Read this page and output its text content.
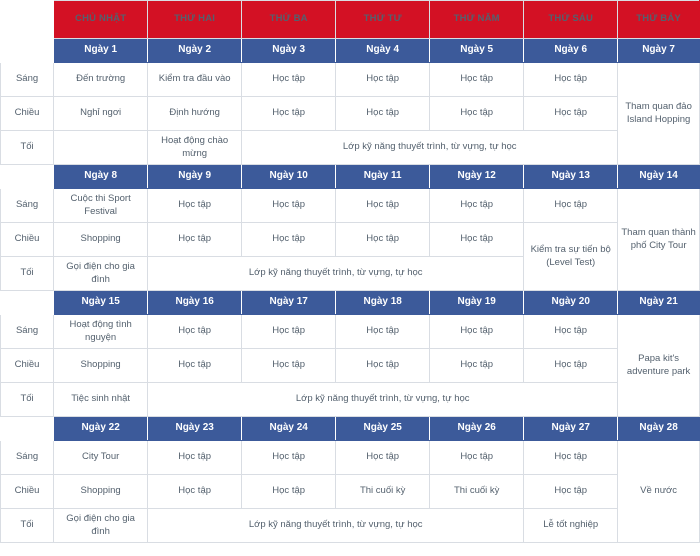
	CHỦ NHẬT	THỨ HAI	THỨ BA	THỨ TƯ	THỨ NĂM	THỨ SÁU	THỨ BẢY
	Ngày 1	Ngày 2	Ngày 3	Ngày 4	Ngày 5	Ngày 6	Ngày 7
Sáng	Đến trường	Kiểm tra đầu vào	Học tập	Học tập	Học tập	Học tập	Tham quan đảo Island Hopping
Chiều	Nghỉ ngơi	Định hướng	Học tập	Học tập	Học tập	Học tập	
Tối		Hoạt động chào mừng	Lớp kỹ năng thuyết trình, từ vựng, tự học				
	Ngày 8	Ngày 9	Ngày 10	Ngày 11	Ngày 12	Ngày 13	Ngày 14
Sáng	Cuộc thi Sport Festival	Học tập	Học tập	Học tập	Học tập	Học tập	Tham quan thành phố City Tour
Chiều	Shopping	Học tập	Học tập	Học tập	Học tập	Kiểm tra sự tiến bộ (Level Test)	
Tối	Gọi điện cho gia đình	Lớp kỹ năng thuyết trình, từ vựng, tự học					
	Ngày 15	Ngày 16	Ngày 17	Ngày 18	Ngày 19	Ngày 20	Ngày 21
Sáng	Hoạt động tình nguyện	Học tập	Học tập	Học tập	Học tập	Học tập	Papa kit's adventure park
Chiều	Shopping	Học tập	Học tập	Học tập	Học tập	Học tập	
Tối	Tiệc sinh nhật	Lớp kỹ năng thuyết trình, từ vựng, tự học					
	Ngày 22	Ngày 23	Ngày 24	Ngày 25	Ngày 26	Ngày 27	Ngày 28
Sáng	City Tour	Học tập	Học tập	Học tập	Học tập	Học tập	Về nước
Chiều	Shopping	Học tập	Học tập	Thi cuối kỳ	Thi cuối kỳ	Học tập	
Tối	Gọi điện cho gia đình	Lớp kỹ năng thuyết trình, từ vựng, tự học				Lễ tốt nghiệp	
